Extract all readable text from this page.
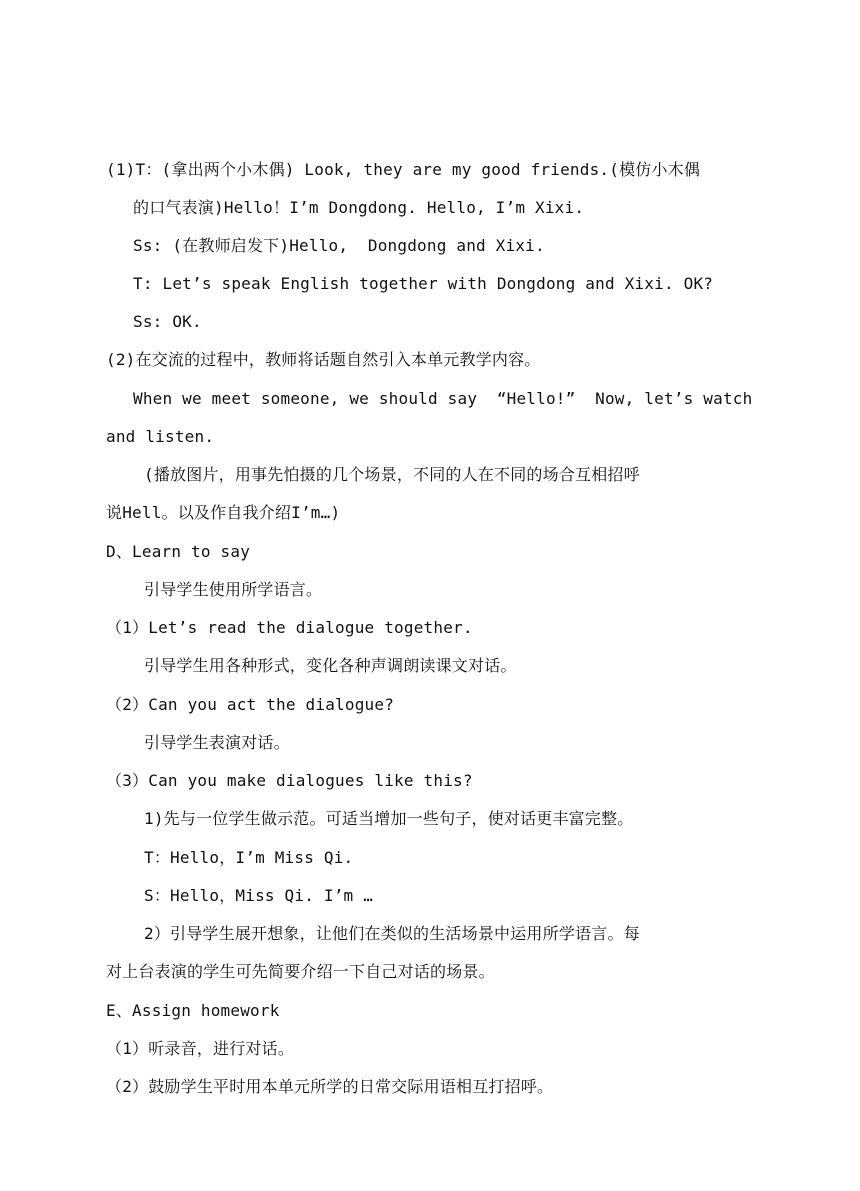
(1)T：(拿出两个小木偶) Look, they are my good friends.(模仿小木偶
的口气表演)Hello！I’m Dongdong. Hello, I’m Xixi.
Ss: (在教师启发下)Hello,  Dongdong and Xixi.
T: Let’s speak English together with Dongdong and Xixi. OK?
Ss: OK.
(2)在交流的过程中，教师将话题自然引入本单元教学内容。
When we meet someone, we should say  “Hello!”  Now, let’s watch
and listen.
(播放图片，用事先怕摄的几个场景，不同的人在不同的场合互相招呼
说Hell。以及作自我介绍I’m…)
D、Learn to say
引导学生使用所学语言。
（1）Let’s read the dialogue together.
引导学生用各种形式，变化各种声调朗读课文对话。
（2）Can you act the dialogue?
引导学生表演对话。
（3）Can you make dialogues like this?
1)先与一位学生做示范。可适当增加一些句子，使对话更丰富完整。
T：Hello，I’m Miss Qi.
S：Hello，Miss Qi. I’m …
2）引导学生展开想象，让他们在类似的生活场景中运用所学语言。每
对上台表演的学生可先简要介绍一下自己对话的场景。
E、Assign homework
（1）听录音，进行对话。
（2）鼓励学生平时用本单元所学的日常交际用语相互打招呼。
